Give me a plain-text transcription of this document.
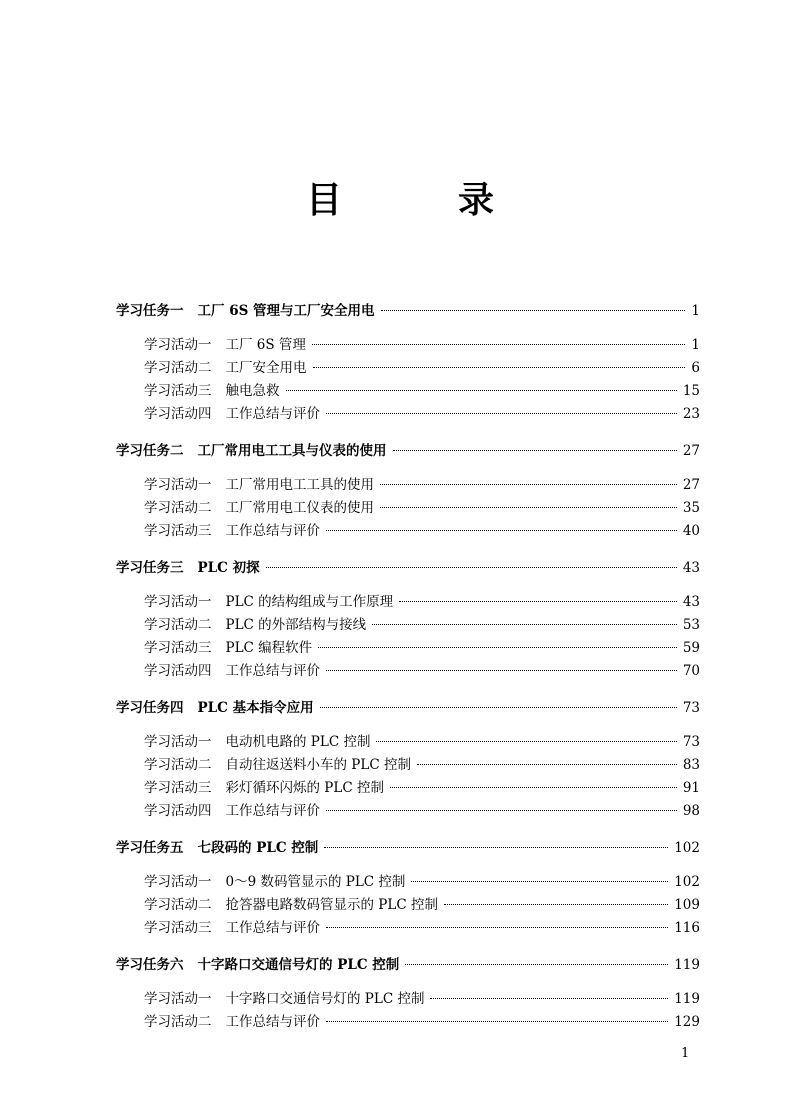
目　录
学习任务一 工厂 6S 管理与工厂安全用电	1
学习活动一 工厂 6S 管理	1
学习活动二 工厂安全用电	6
学习活动三 触电急救	15
学习活动四 工作总结与评价	23
学习任务二 工厂常用电工工具与仪表的使用	27
学习活动一 工厂常用电工工具的使用	27
学习活动二 工厂常用电工仪表的使用	35
学习活动三 工作总结与评价	40
学习任务三 PLC 初探	43
学习活动一 PLC 的结构组成与工作原理	43
学习活动二 PLC 的外部结构与接线	53
学习活动三 PLC 编程软件	59
学习活动四 工作总结与评价	70
学习任务四 PLC 基本指令应用	73
学习活动一 电动机电路的 PLC 控制	73
学习活动二 自动往返送料小车的 PLC 控制	83
学习活动三 彩灯循环闪烁的 PLC 控制	91
学习活动四 工作总结与评价	98
学习任务五 七段码的 PLC 控制	102
学习活动一 0～9 数码管显示的 PLC 控制	102
学习活动二 抢答器电路数码管显示的 PLC 控制	109
学习活动三 工作总结与评价	116
学习任务六 十字路口交通信号灯的 PLC 控制	119
学习活动一 十字路口交通信号灯的 PLC 控制	119
学习活动二 工作总结与评价	129
1
